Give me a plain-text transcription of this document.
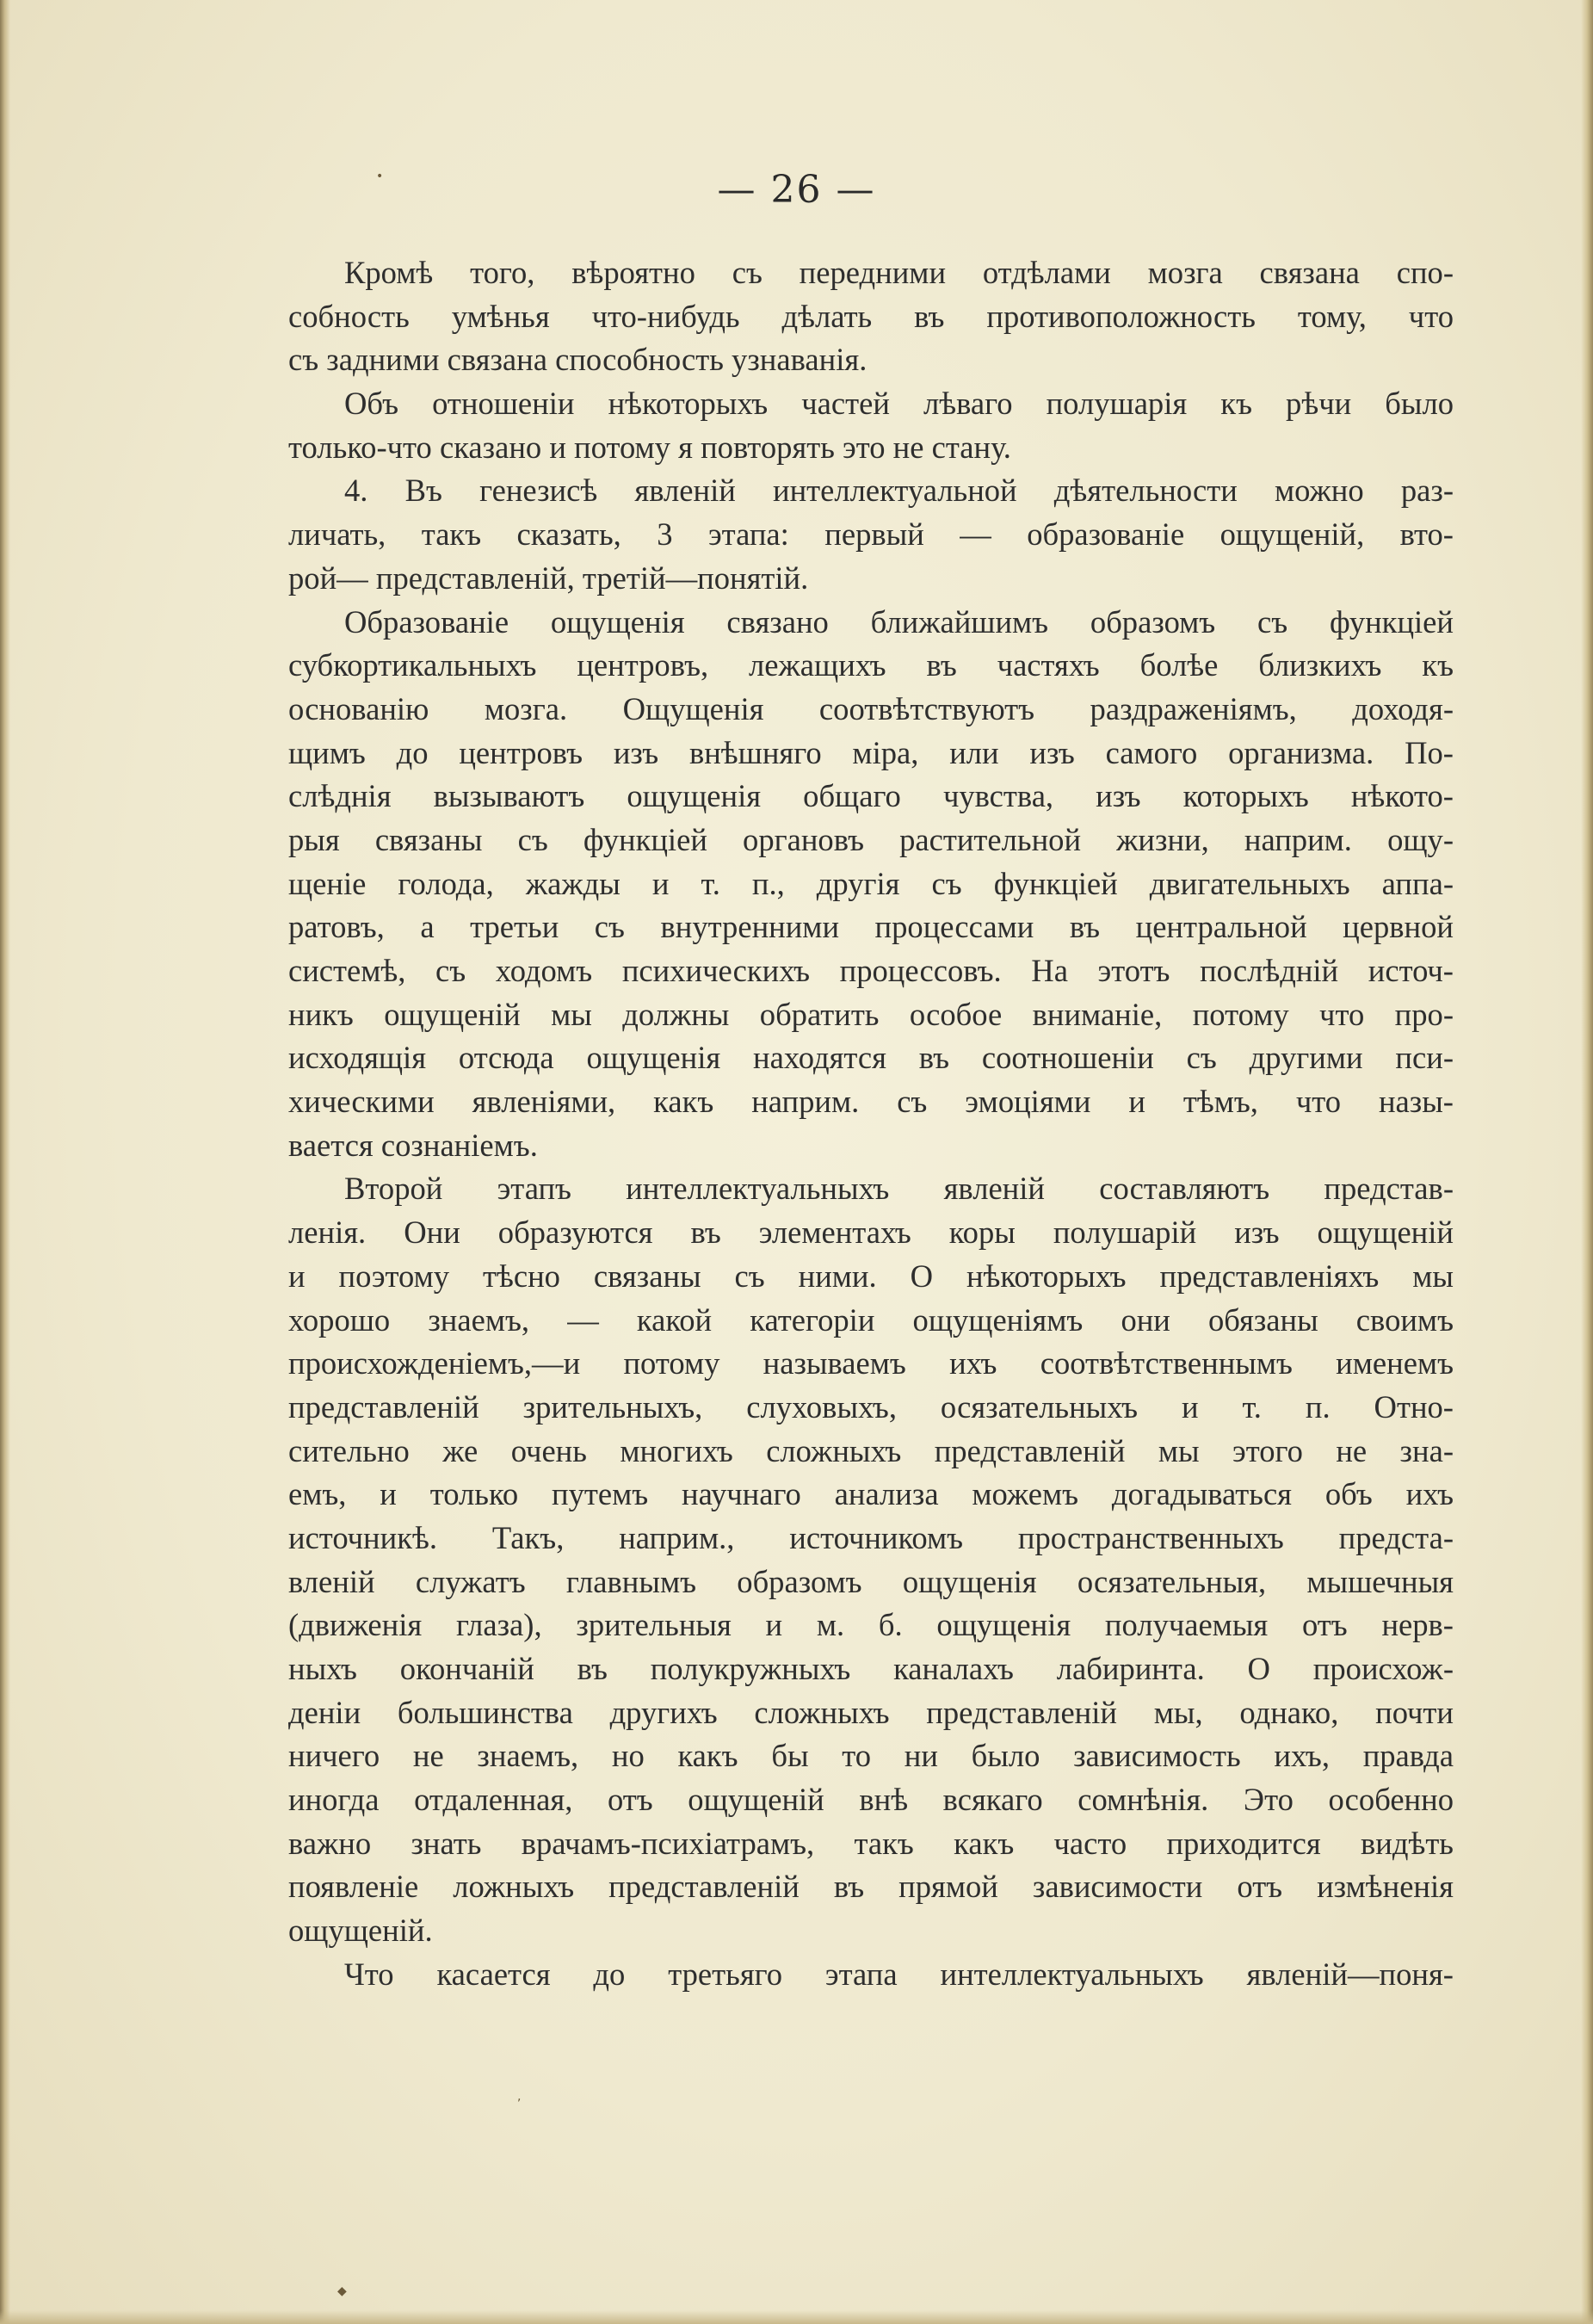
•
,
◆
— 26 —
Кромѣ того, вѣроятно съ передними отдѣлами мозга связана спо-
собность умѣнья что-нибудь дѣлать въ противоположность тому, что
съ задними связана способность узнаванія.
Объ отношеніи нѣкоторыхъ частей лѣваго полушарія къ рѣчи было
только-что сказано и потому я повторять это не стану.
4. Въ генезисѣ явленій интеллектуальной дѣятельности можно раз-
личать, такъ сказать, 3 этапа: первый — образованіе ощущеній, вто-
рой— представленій, третій—понятій.
Образованіе ощущенія связано ближайшимъ образомъ съ функціей
субкортикальныхъ центровъ, лежащихъ въ частяхъ болѣе близкихъ къ
основанію мозга. Ощущенія соотвѣтствуютъ раздраженіямъ, доходя-
щимъ до центровъ изъ внѣшняго міра, или изъ самого организма. По-
слѣднія вызываютъ ощущенія общаго чувства, изъ которыхъ нѣкото-
рыя связаны съ функціей органовъ растительной жизни, наприм. ощу-
щеніе голода, жажды и т. п., другія съ функціей двигательныхъ аппа-
ратовъ, а третьи съ внутренними процессами въ центральной цервной
системѣ, съ ходомъ психическихъ процессовъ. На этотъ послѣдній источ-
никъ ощущеній мы должны обратить особое вниманіе, потому что про-
исходящія отсюда ощущенія находятся въ соотношеніи съ другими пси-
хическими явленіями, какъ наприм. съ эмоціями и тѣмъ, что назы-
вается сознаніемъ.
Второй этапъ интеллектуальныхъ явленій составляютъ представ-
ленія. Они образуются въ элементахъ коры полушарій изъ ощущеній
и поэтому тѣсно связаны съ ними. О нѣкоторыхъ представленіяхъ мы
хорошо знаемъ, — какой категоріи ощущеніямъ они обязаны своимъ
происхожденіемъ,—и потому называемъ ихъ соотвѣтственнымъ именемъ
представленій зрительныхъ, слуховыхъ, осязательныхъ и т. п. Отно-
сительно же очень многихъ сложныхъ представленій мы этого не зна-
емъ, и только путемъ научнаго анализа можемъ догадываться объ ихъ
источникѣ. Такъ, наприм., источникомъ пространственныхъ предста-
вленій служатъ главнымъ образомъ ощущенія осязательныя, мышечныя
(движенія глаза), зрительныя и м. б. ощущенія получаемыя отъ нерв-
ныхъ окончаній въ полукружныхъ каналахъ лабиринта. О происхож-
деніи большинства другихъ сложныхъ представленій мы, однако, почти
ничего не знаемъ, но какъ бы то ни было зависимость ихъ, правда
иногда отдаленная, отъ ощущеній внѣ всякаго сомнѣнія. Это особенно
важно знать врачамъ-психіатрамъ, такъ какъ часто приходится видѣть
появленіе ложныхъ представленій въ прямой зависимости отъ измѣненія
ощущеній.
Что касается до третьяго этапа интеллектуальныхъ явленій—поня-
